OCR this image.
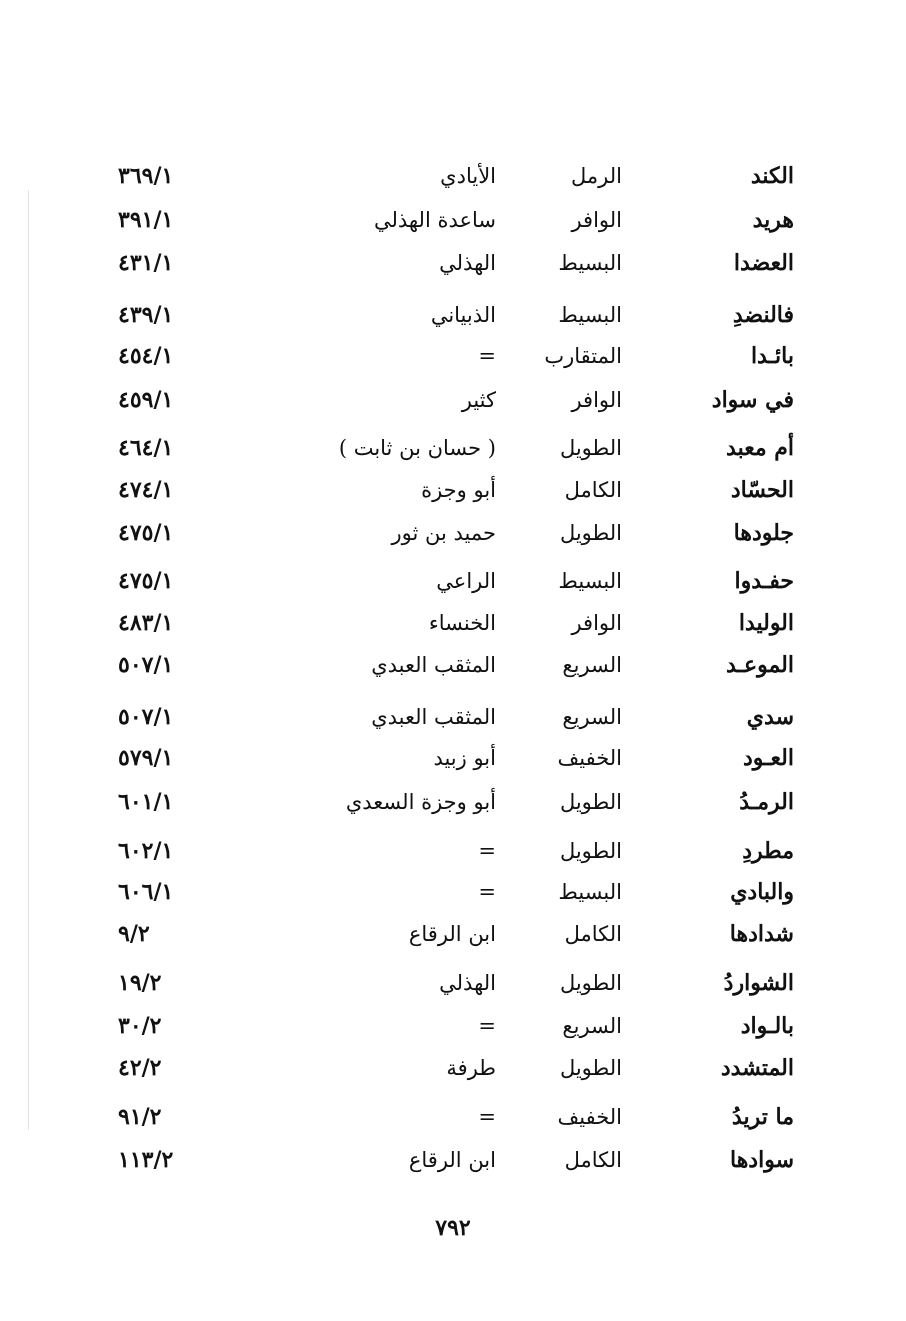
الكند
الرمل
الأيادي
٣٦٩/١
هريد
الوافر
ساعدة الهذلي
٣٩١/١
العضدا
البسيط
الهذلي
٤٣١/١
فالنضدِ
البسيط
الذبياني
٤٣٩/١
بائـدا
المتقارب
=
٤٥٤/١
في سواد
الوافر
كثير
٤٥٩/١
أم معبد
الطويل
( حسان بن ثابت )
٤٦٤/١
الحسّاد
الكامل
أبو وجزة
٤٧٤/١
جلودها
الطويل
حميد بن ثور
٤٧٥/١
حفـدوا
البسيط
الراعي
٤٧٥/١
الوليدا
الوافر
الخنساء
٤٨٣/١
الموعـد
السريع
المثقب العبدي
٥٠٧/١
سدي
السريع
المثقب العبدي
٥٠٧/١
العـود
الخفيف
أبو زبيد
٥٧٩/١
الرمـدُ
الطويل
أبو وجزة السعدي
٦٠١/١
مطردِ
الطويل
=
٦٠٢/١
والبادي
البسيط
=
٦٠٦/١
شدادها
الكامل
ابن الرقاع
٩/٢
الشواردُ
الطويل
الهذلي
١٩/٢
بالـواد
السريع
=
٣٠/٢
المتشدد
الطويل
طرفة
٤٢/٢
ما تريدُ
الخفيف
=
٩١/٢
سوادها
الكامل
ابن الرقاع
١١٣/٢
٧٩٢
